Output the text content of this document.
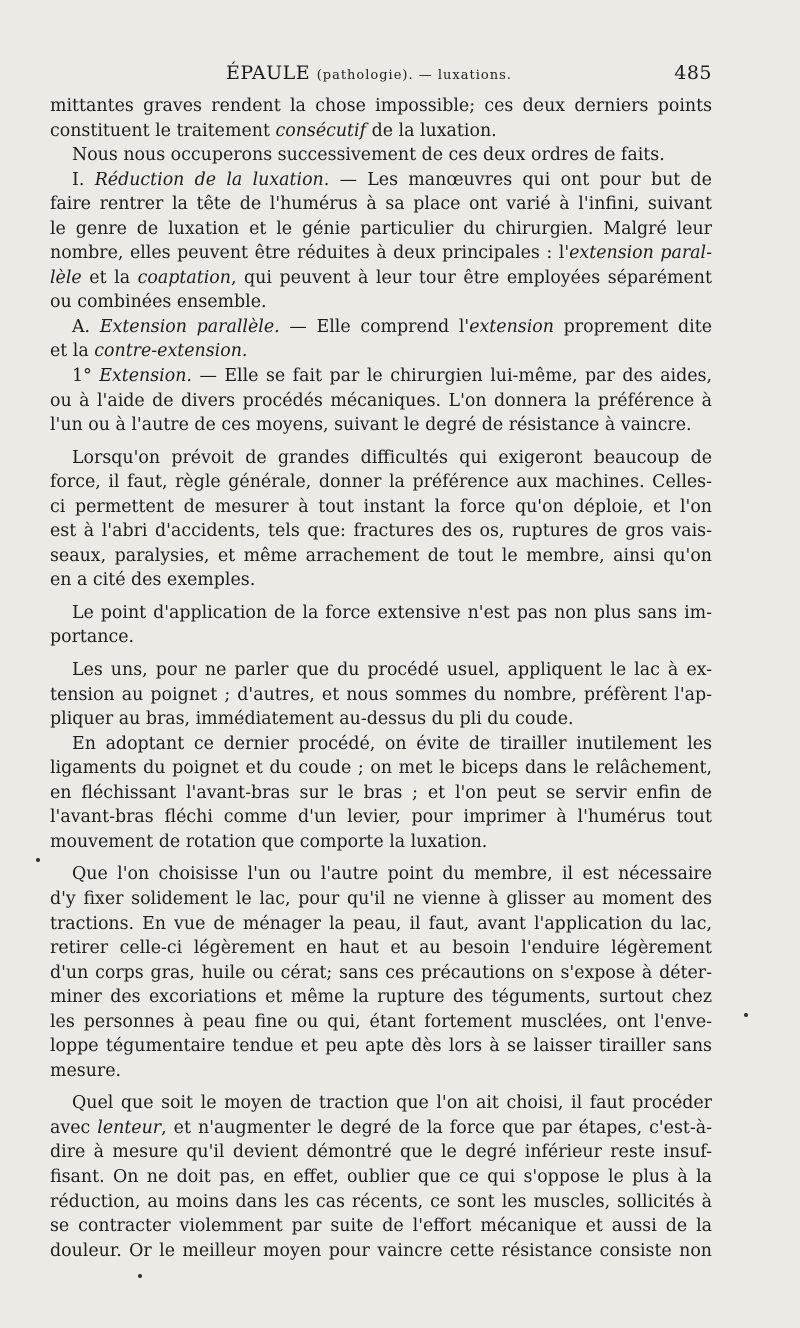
ÉPAULE (pathologie). — luxations.	485
mittantes graves rendent la chose impossible; ces deux derniers points
constituent le traitement consécutif de la luxation.
Nous nous occuperons successivement de ces deux ordres de faits.
I. Réduction de la luxation. — Les manœuvres qui ont pour but de
faire rentrer la tête de l'humérus à sa place ont varié à l'infini, suivant
le genre de luxation et le génie particulier du chirurgien. Malgré leur
nombre, elles peuvent être réduites à deux principales : l'extension paral-
lèle et la coaptation, qui peuvent à leur tour être employées séparément
ou combinées ensemble.
A. Extension parallèle. — Elle comprend l'extension proprement dite
et la contre-extension.
1° Extension. — Elle se fait par le chirurgien lui-même, par des aides,
ou à l'aide de divers procédés mécaniques. L'on donnera la préférence à
l'un ou à l'autre de ces moyens, suivant le degré de résistance à vaincre.
Lorsqu'on prévoit de grandes difficultés qui exigeront beaucoup de
force, il faut, règle générale, donner la préférence aux machines. Celles-
ci permettent de mesurer à tout instant la force qu'on déploie, et l'on
est à l'abri d'accidents, tels que: fractures des os, ruptures de gros vais-
seaux, paralysies, et même arrachement de tout le membre, ainsi qu'on
en a cité des exemples.
Le point d'application de la force extensive n'est pas non plus sans im-
portance.
Les uns, pour ne parler que du procédé usuel, appliquent le lac à ex-
tension au poignet ; d'autres, et nous sommes du nombre, préfèrent l'ap-
pliquer au bras, immédiatement au-dessus du pli du coude.
En adoptant ce dernier procédé, on évite de tirailler inutilement les
ligaments du poignet et du coude ; on met le biceps dans le relâchement,
en fléchissant l'avant-bras sur le bras ; et l'on peut se servir enfin de
l'avant-bras fléchi comme d'un levier, pour imprimer à l'humérus tout
mouvement de rotation que comporte la luxation.
Que l'on choisisse l'un ou l'autre point du membre, il est nécessaire
d'y fixer solidement le lac, pour qu'il ne vienne à glisser au moment des
tractions. En vue de ménager la peau, il faut, avant l'application du lac,
retirer celle-ci légèrement en haut et au besoin l'enduire légèrement
d'un corps gras, huile ou cérat; sans ces précautions on s'expose à déter-
miner des excoriations et même la rupture des téguments, surtout chez
les personnes à peau fine ou qui, étant fortement musclées, ont l'enve-
loppe tégumentaire tendue et peu apte dès lors à se laisser tirailler sans
mesure.
Quel que soit le moyen de traction que l'on ait choisi, il faut procéder
avec lenteur, et n'augmenter le degré de la force que par étapes, c'est-à-
dire à mesure qu'il devient démontré que le degré inférieur reste insuf-
fisant. On ne doit pas, en effet, oublier que ce qui s'oppose le plus à la
réduction, au moins dans les cas récents, ce sont les muscles, sollicités à
se contracter violemment par suite de l'effort mécanique et aussi de la
douleur. Or le meilleur moyen pour vaincre cette résistance consiste non
